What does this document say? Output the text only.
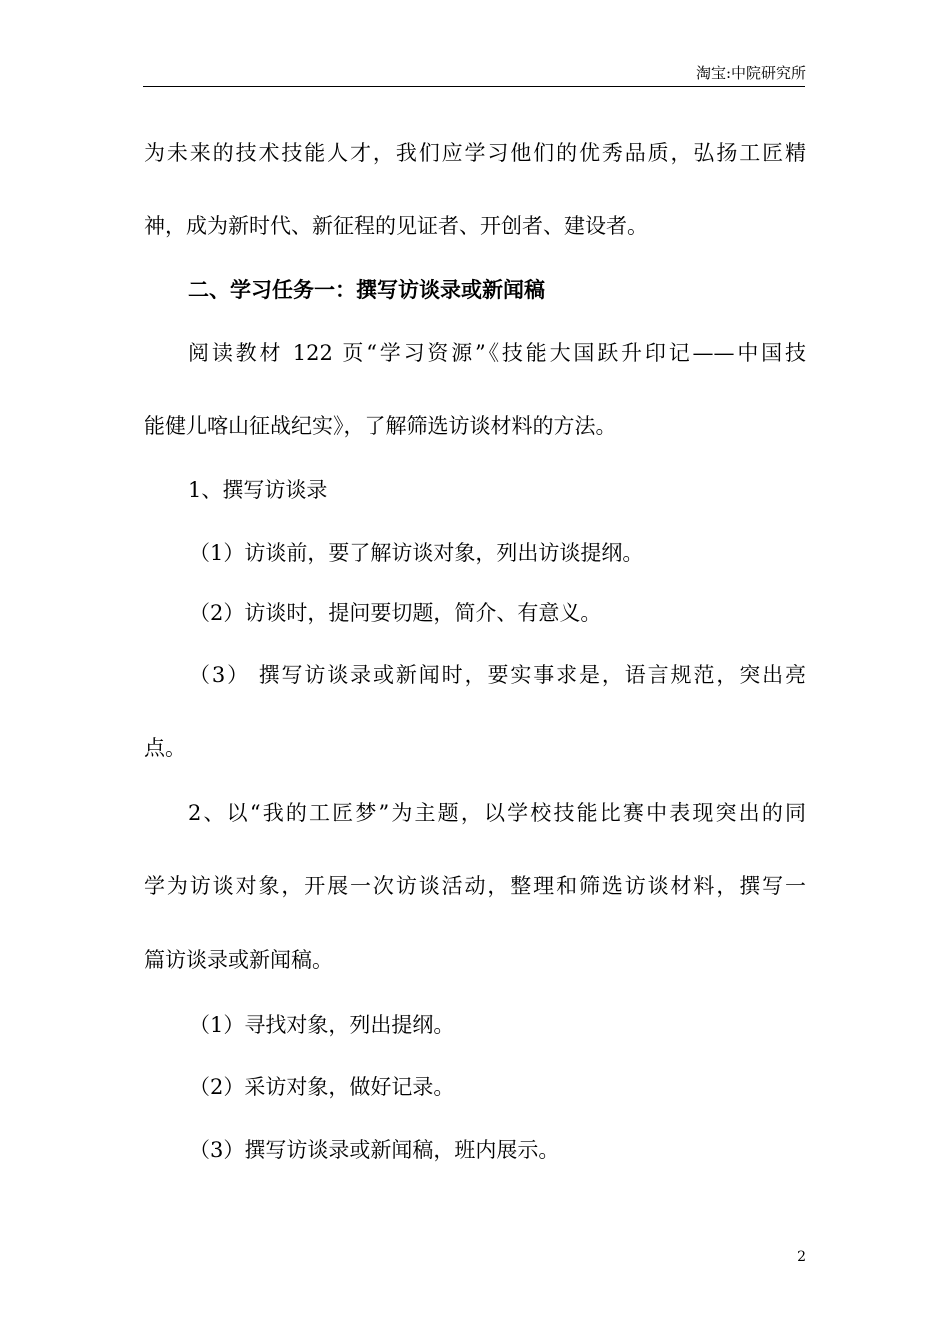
淘宝:中院研究所
为未来的技术技能人才，我们应学习他们的优秀品质，弘扬工匠精
神，成为新时代、新征程的见证者、开创者、建设者。
二、学习任务一：撰写访谈录或新闻稿
阅读教材 122 页“学习资源”《技能大国跃升印记——中国技
能健儿喀山征战纪实》，了解筛选访谈材料的方法。
1、撰写访谈录
（1）访谈前，要了解访谈对象，列出访谈提纲。
（2）访谈时，提问要切题，简介、有意义。
（3） 撰写访谈录或新闻时，要实事求是，语言规范，突出亮
点。
2、以“我的工匠梦”为主题，以学校技能比赛中表现突出的同
学为访谈对象，开展一次访谈活动，整理和筛选访谈材料，撰写一
篇访谈录或新闻稿。
（1）寻找对象，列出提纲。
（2）采访对象，做好记录。
（3）撰写访谈录或新闻稿，班内展示。
2
